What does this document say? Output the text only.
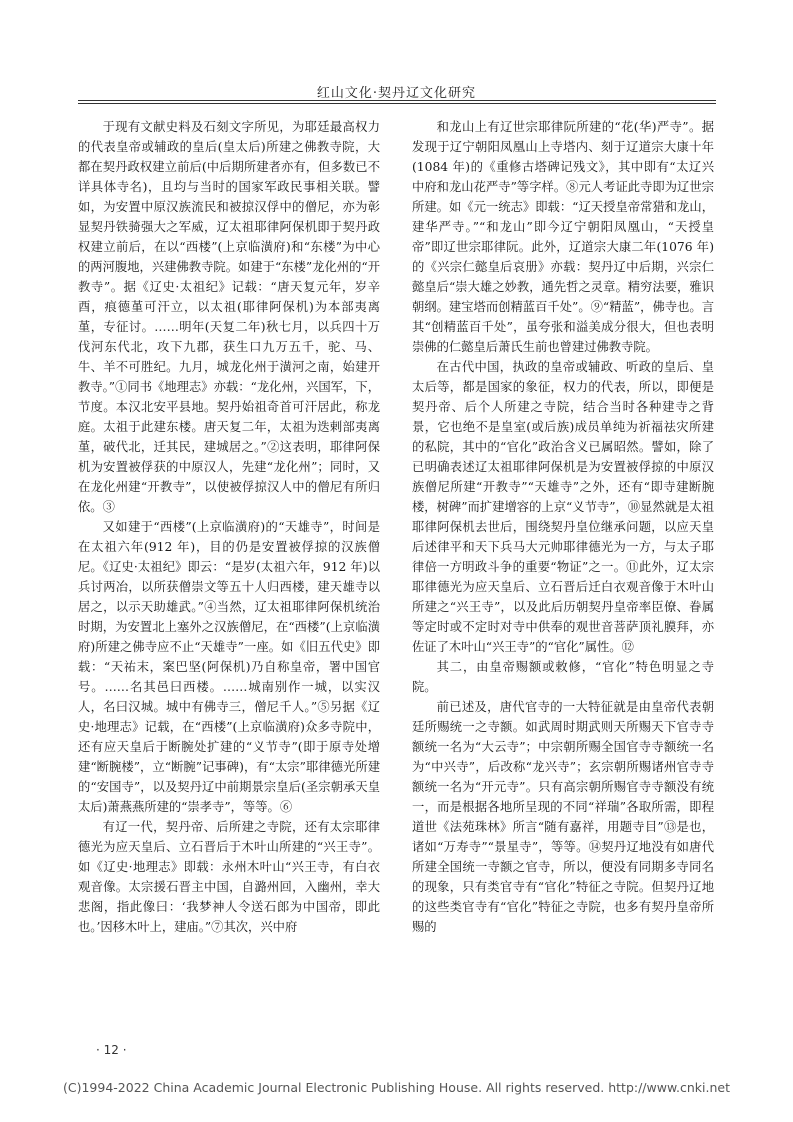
红山文化·契丹辽文化研究

于现有文献史料及石刻文字所见，为耶廷最高权力的代表皇帝或辅政的皇后(皇太后)所建之佛教寺院，大都在契丹政权建立前后(中后期所建者亦有，但多数已不详具体寺名)，且均与当时的国家军政民事相关联。譬如，为安置中原汉族流民和被掠汉俘中的僧尼，亦为彰显契丹铁骑强大之军威，辽太祖耶律阿保机即于契丹政权建立前后，在以“西楼”(上京临潢府)和“东楼”为中心的两河腹地，兴建佛教寺院。如建于“东楼”龙化州的“开教寺”。据《辽史·太祖纪》记载：“唐天复元年，岁辛酉，痕德堇可汗立，以太祖(耶律阿保机)为本部夷离堇，专征讨。……明年(天复二年)秋七月，以兵四十万伐河东代北，攻下九郡，获生口九万五千，驼、马、牛、羊不可胜纪。九月，城龙化州于潢河之南，始建开教寺。”①同书《地理志》亦载：“龙化州，兴国军，下，节度。本汉北安平县地。契丹始祖奇首可汗居此，称龙庭。太祖于此建东楼。唐天复二年，太祖为迭剌部夷离堇，破代北，迁其民，建城居之。”②这表明，耶律阿保机为安置被俘获的中原汉人，先建“龙化州”；同时，又在龙化州建“开教寺”，以使被俘掠汉人中的僧尼有所归依。③

又如建于“西楼”(上京临潢府)的“天雄寺”，时间是在太祖六年(912 年)，目的仍是安置被俘掠的汉族僧尼。《辽史·太祖纪》即云：“是岁(太祖六年，912 年)以兵讨两冶，以所获僧崇文等五十人归西楼，建天雄寺以居之，以示天助雄武。”④当然，辽太祖耶律阿保机统治时期，为安置北上塞外之汉族僧尼，在“西楼”(上京临潢府)所建之佛寺应不止“天雄寺”一座。如《旧五代史》即载：“天祐末，案巴坚(阿保机)乃自称皇帝，署中国官号。……名其邑曰西楼。……城南别作一城，以实汉人，名曰汉城。城中有佛寺三，僧尼千人。”⑤另据《辽史·地理志》记载，在“西楼”(上京临潢府)众多寺院中，还有应天皇后于断腕处扩建的“义节寺”(即于原寺处增建“断腕楼”，立“断腕”记事碑)，有“太宗”耶律德光所建的“安国寺”，以及契丹辽中前期景宗皇后(圣宗朝承天皇太后)萧燕燕所建的“崇孝寺”，等等。⑥

有辽一代，契丹帝、后所建之寺院，还有太宗耶律德光为应天皇后、立石晋后于木叶山所建的“兴王寺”。如《辽史·地理志》即载：永州木叶山“兴王寺，有白衣观音像。太宗援石晋主中国，自潞州回，入幽州，幸大悲阁，指此像曰：‘我梦神人令送石郎为中国帝，即此也。’因移木叶上，建庙。”⑦其次，兴中府

和龙山上有辽世宗耶律阮所建的“花(华)严寺”。据发现于辽宁朝阳凤凰山上寺塔内、刻于辽道宗大康十年(1084 年)的《重修古塔碑记残文》，其中即有“太辽兴中府和龙山花严寺”等字样。⑧元人考证此寺即为辽世宗所建。如《元一统志》即载：“辽天授皇帝常猎和龙山，建华严寺。”“和龙山”即今辽宁朝阳凤凰山，“天授皇帝”即辽世宗耶律阮。此外，辽道宗大康二年(1076 年)的《兴宗仁懿皇后哀册》亦载：契丹辽中后期，兴宗仁懿皇后“崇大雄之妙教，通先哲之灵章。精穷法要，雅识朝纲。建宝塔而创精蓝百千处”。⑨“精蓝”，佛寺也。言其“创精蓝百千处”，虽夸张和溢美成分很大，但也表明崇佛的仁懿皇后萧氏生前也曾建过佛教寺院。

在古代中国，执政的皇帝或辅政、听政的皇后、皇太后等，都是国家的象征，权力的代表，所以，即便是契丹帝、后个人所建之寺院，结合当时各种建寺之背景，它也绝不是皇室(或后族)成员单纯为祈福祛灾所建的私院，其中的“官化”政治含义已属昭然。譬如，除了已明确表述辽太祖耶律阿保机是为安置被俘掠的中原汉族僧尼所建“开教寺”“天雄寺”之外，还有“即寺建断腕楼，树碑”而扩建增容的上京“义节寺”，⑩显然就是太祖耶律阿保机去世后，围绕契丹皇位继承问题，以应天皇后述律平和天下兵马大元帅耶律德光为一方，与太子耶律倍一方明政斗争的重要“物证”之一。⑪此外，辽太宗耶律德光为应天皇后、立石晋后迁白衣观音像于木叶山所建之“兴王寺”，以及此后历朝契丹皇帝率臣僚、眷属等定时或不定时对寺中供奉的观世音菩萨顶礼膜拜，亦佐证了木叶山“兴王寺”的“官化”属性。⑫

其二，由皇帝赐额或敕修，“官化”特色明显之寺院。

前已述及，唐代官寺的一大特征就是由皇帝代表朝廷所赐统一之寺额。如武周时期武则天所赐天下官寺寺额统一名为“大云寺”；中宗朝所赐全国官寺寺额统一名为“中兴寺”，后改称“龙兴寺”；玄宗朝所赐诸州官寺寺额统一名为“开元寺”。只有高宗朝所赐官寺寺额没有统一，而是根据各地所呈现的不同“祥瑞”各取所需，即程道世《法苑珠林》所言“随有嘉祥，用题寺目”⑬是也，诸如“万寿寺”“景星寺”，等等。⑭契丹辽地没有如唐代所建全国统一寺额之官寺，所以，便没有同期多寺同名的现象，只有类官寺有“官化”特征之寺院。但契丹辽地的这些类官寺有“官化”特征之寺院，也多有契丹皇帝所赐的

· 12 ·
(C)1994-2022 China Academic Journal Electronic Publishing House. All rights reserved. http://www.cnki.net
